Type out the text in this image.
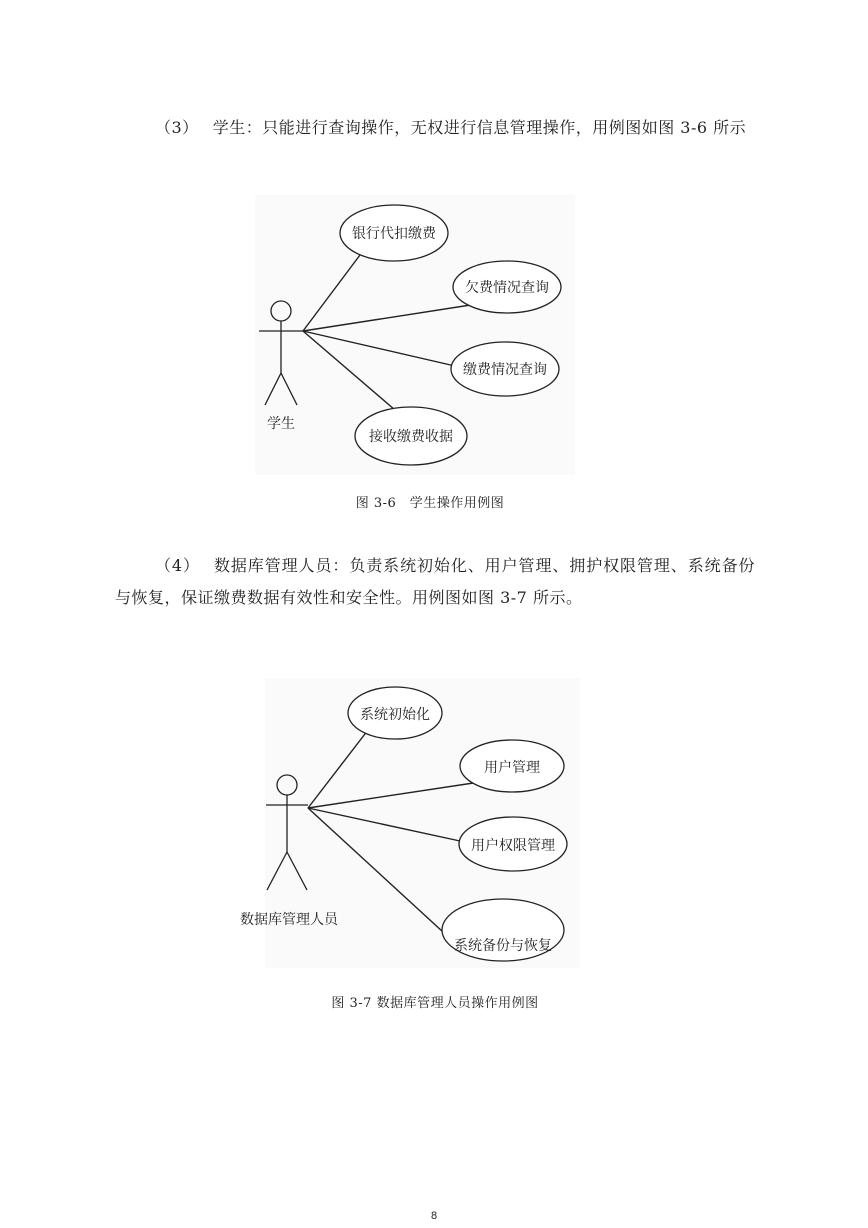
（3） 学生：只能进行查询操作，无权进行信息管理操作，用例图如图 3-6 所示
银行代扣缴费
欠费情况查询
缴费情况查询
接收缴费收据
学生
图 3-6　学生操作用例图
（4） 数据库管理人员：负责系统初始化、用户管理、拥护权限管理、系统备份与恢复，保证缴费数据有效性和安全性。用例图如图 3-7 所示。
系统初始化
用户管理
用户权限管理
系统备份与恢复
数据库管理人员
图 3-7 数据库管理人员操作用例图
8
